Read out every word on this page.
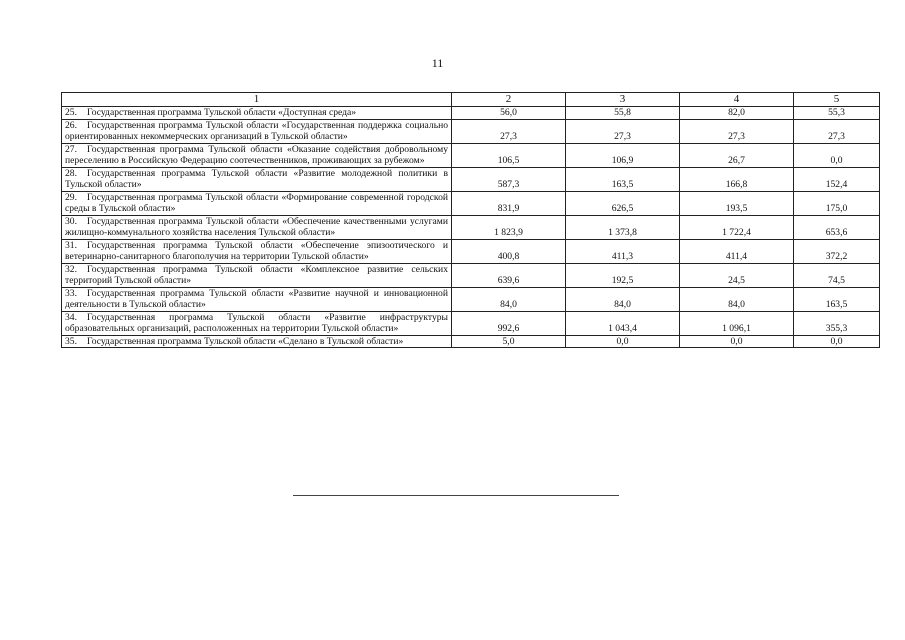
11
1	2	3	4	5
25. Государственная программа Тульской области «Доступная среда»	56,0	55,8	82,0	55,3
26. Государственная программа Тульской области «Государственная поддержка социально ориентированных некоммерческих организаций в Тульской области»	27,3	27,3	27,3	27,3
27. Государственная программа Тульской области «Оказание содействия добровольному переселению в Российскую Федерацию соотечественников, проживающих за рубежом»	106,5	106,9	26,7	0,0
28. Государственная программа Тульской области «Развитие молодежной политики в Тульской области»	587,3	163,5	166,8	152,4
29. Государственная программа Тульской области «Формирование современной городской среды в Тульской области»	831,9	626,5	193,5	175,0
30. Государственная программа Тульской области «Обеспечение качественными услугами жилищно-коммунального хозяйства населения Тульской области»	1 823,9	1 373,8	1 722,4	653,6
31. Государственная программа Тульской области «Обеспечение эпизоотического и ветеринарно-санитарного благополучия на территории Тульской области»	400,8	411,3	411,4	372,2
32. Государственная программа Тульской области «Комплексное развитие сельских территорий Тульской области»	639,6	192,5	24,5	74,5
33. Государственная программа Тульской области «Развитие научной и инновационной деятельности в Тульской области»	84,0	84,0	84,0	163,5
34. Государственная программа Тульской области «Развитие инфраструктуры образовательных организаций, расположенных на территории Тульской области»	992,6	1 043,4	1 096,1	355,3
35. Государственная программа Тульской области «Сделано в Тульской области»	5,0	0,0	0,0	0,0
